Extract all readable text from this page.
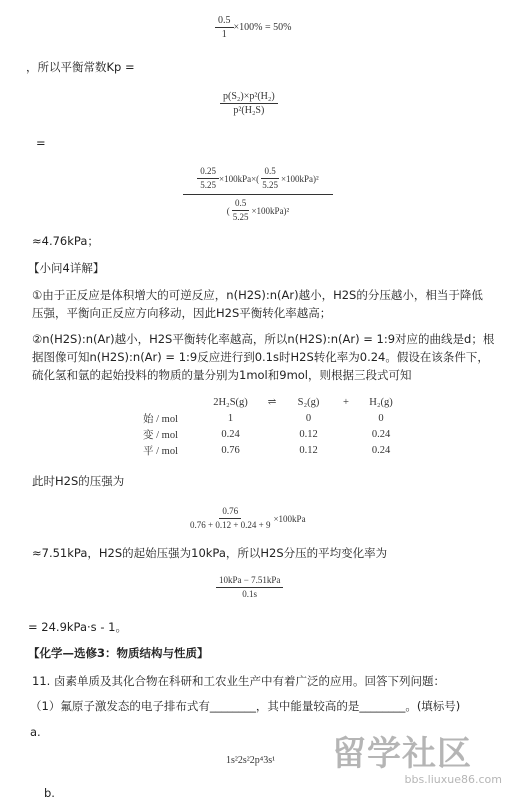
$\frac{0.5}{1} \times 100\% = 50\%$
，所以平衡常数Kp =
$\frac{\text{p(S₂)×p²(H₂)}}{\text{p²(H₂S)}}$
=
$\frac{0.25}{5.25} \times 100kPa\times( \frac{0.5}{5.25} \times 100kPa)^2$
( $\frac{0.5}{5.25} \times 100kPa)^2$
≈4.76kPa；
【小问4详解】
①由于正反应是体积增大的可逆反应，n(H2S):n(Ar)越小，H2S的分压越小，相当于降低
压强，平衡向正反应方向移动，因此H2S平衡转化率越高；
②n(H2S):n(Ar)越小，H2S平衡转化率越高，所以n(H2S):n(Ar) = 1:9对应的曲线是d；根
据图像可知n(H2S):n(Ar) = 1:9反应进行到0.1s时H2S转化率为0.24。假设在该条件下，
硫化氢和氩的起始投料的物质的量分别为1mol和9mol，则根据三段式可知
	2H₂S(g)	⇌	S₂(g)	+	H₂(g)
始 / mol	1		0		0
变 / mol	0.24		0.12		0.24
平 / mol	0.76		0.12		0.24
此时H2S的压强为
$\frac{0.76}{0.76 + 0.12 + 0.24 + 9} \times 100kPa$
≈7.51kPa，H2S的起始压强为10kPa，所以H2S分压的平均变化率为
$\frac{\text{10kPa − 7.51kPa}}{0.1s}$
= 24.9kPa·s - 1。
【化学—选修3：物质结构与性质】
11. 卤素单质及其化合物在科研和工农业生产中有着广泛的应用。回答下列问题：
（1）氟原子激发态的电子排布式有________，其中能量较高的是________。(填标号)
a.
1s²2s²2p⁴3s¹
b.
留学社区
bbs.liuxue86.com
